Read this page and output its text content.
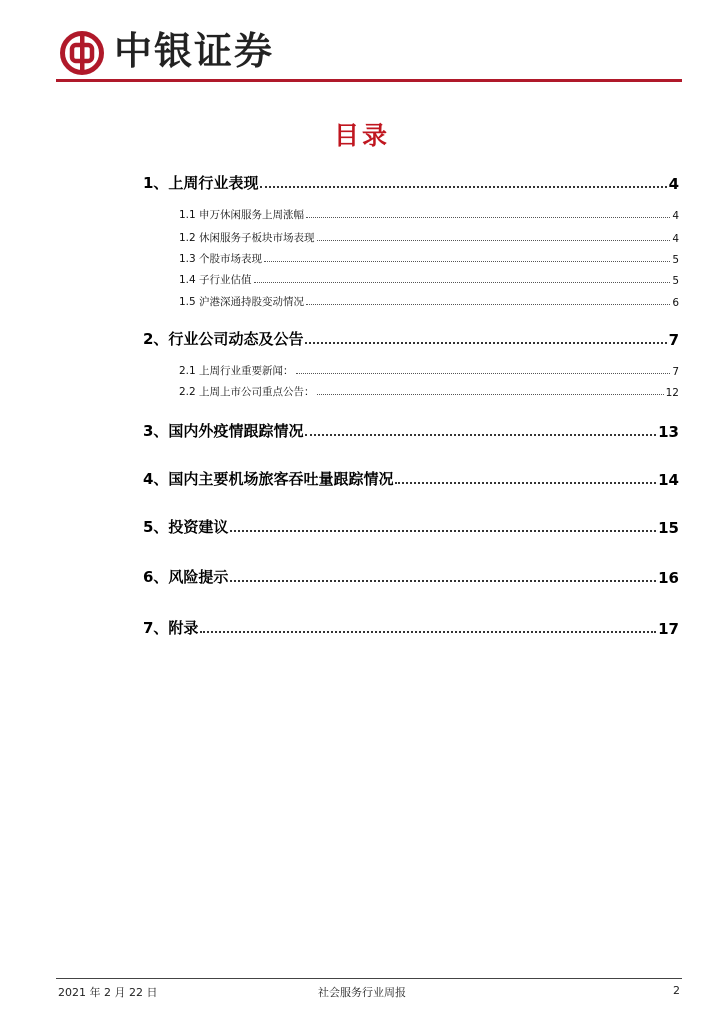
中银证券
目录
1、上周行业表现	4
1.1 申万休闲服务上周涨幅	4
1.2 休闲服务子板块市场表现	4
1.3 个股市场表现	5
1.4 子行业估值	5
1.5 沪港深通持股变动情况	6
2、行业公司动态及公告	7
2.1 上周行业重要新闻：	7
2.2 上周上市公司重点公告：	12
3、国内外疫情跟踪情况	13
4、国内主要机场旅客吞吐量跟踪情况	14
5、投资建议	15
6、风险提示	16
7、附录	17
2021 年 2 月 22 日	社会服务行业周报	2
